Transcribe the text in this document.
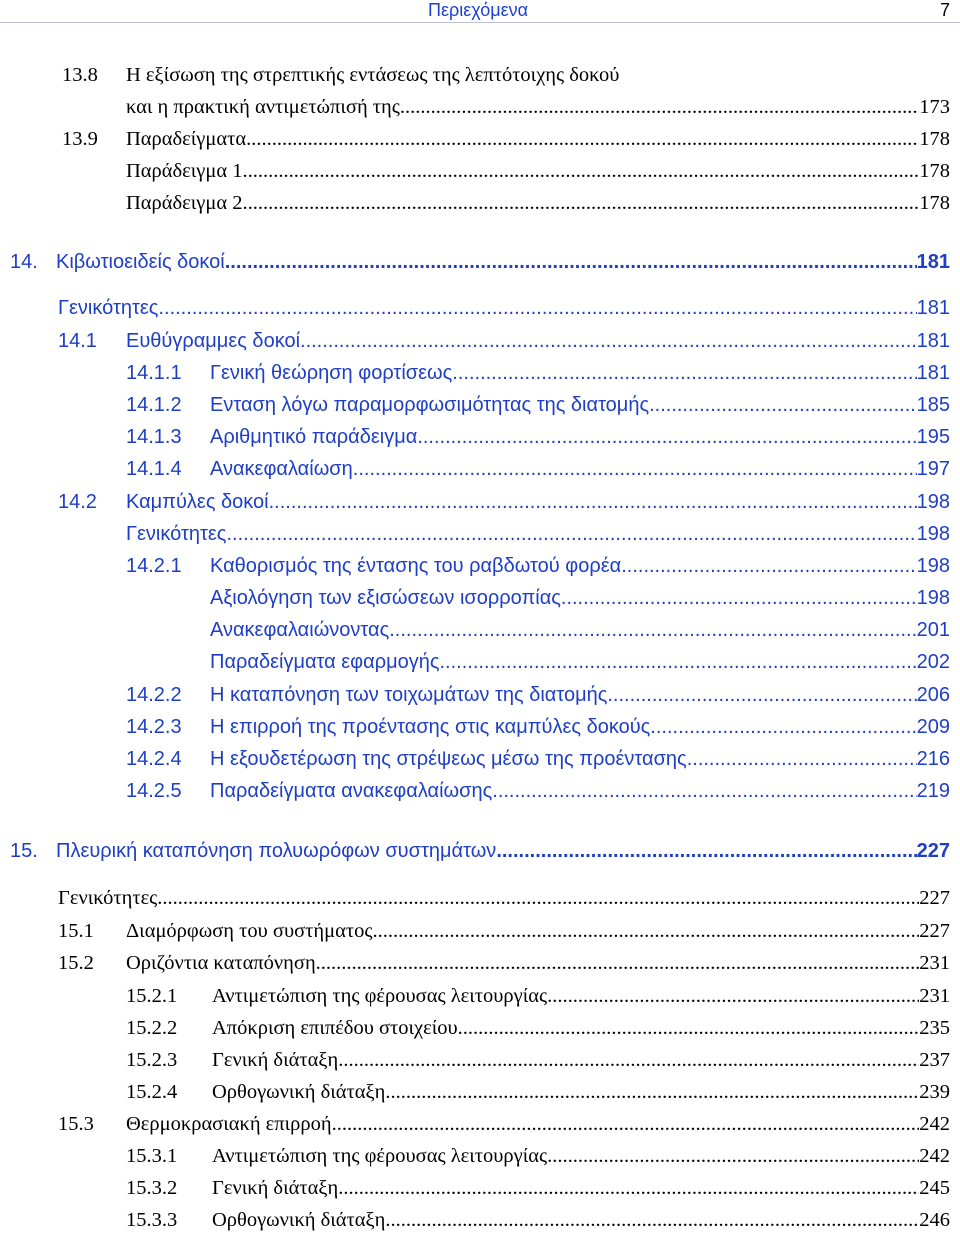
Περιεχόμενα	7
13.8	Η εξίσωση της στρεπτικής εντάσεως της λεπτότοιχης δοκού
και η πρακτική αντιμετώπισή της .....	173
13.9	Παραδείγματα .....	178
Παράδειγμα 1 .....	178
Παράδειγμα 2 .....	178
14. Κιβωτιοειδείς δοκοί .....	181
Γενικότητες .....	181
14.1	Ευθύγραμμες δοκοί .....	181
14.1.1	Γενική θεώρηση φορτίσεως .....	181
14.1.2	Ενταση λόγω παραμορφωσιμότητας της διατομής .....	185
14.1.3	Αριθμητικό παράδειγμα .....	195
14.1.4	Ανακεφαλαίωση .....	197
14.2	Καμπύλες δοκοί .....	198
Γενικότητες .....	198
14.2.1	Καθορισμός της έντασης του ραβδωτού φορέα .....	198
Αξιολόγηση των εξισώσεων ισορροπίας .....	198
Ανακεφαλαιώνοντας .....	201
Παραδείγματα εφαρμογής .....	202
14.2.2	Η καταπόνηση των τοιχωμάτων της διατομής .....	206
14.2.3	Η επιρροή της προέντασης στις καμπύλες δοκούς .....	209
14.2.4	Η εξουδετέρωση της στρέψεως μέσω της προέντασης .....	216
14.2.5	Παραδείγματα ανακεφαλαίωσης .....	219
15. Πλευρική καταπόνηση πολυωρόφων συστημάτων .....	227
Γενικότητες .....	227
15.1	Διαμόρφωση του συστήματος .....	227
15.2	Οριζόντια καταπόνηση .....	231
15.2.1	Αντιμετώπιση της φέρουσας λειτουργίας .....	231
15.2.2	Απόκριση επιπέδου στοιχείου .....	235
15.2.3	Γενική διάταξη .....	237
15.2.4	Ορθογωνική διάταξη .....	239
15.3	Θερμοκρασιακή επιρροή .....	242
15.3.1	Αντιμετώπιση της φέρουσας λειτουργίας .....	242
15.3.2	Γενική διάταξη .....	245
15.3.3	Ορθογωνική διάταξη .....	246
